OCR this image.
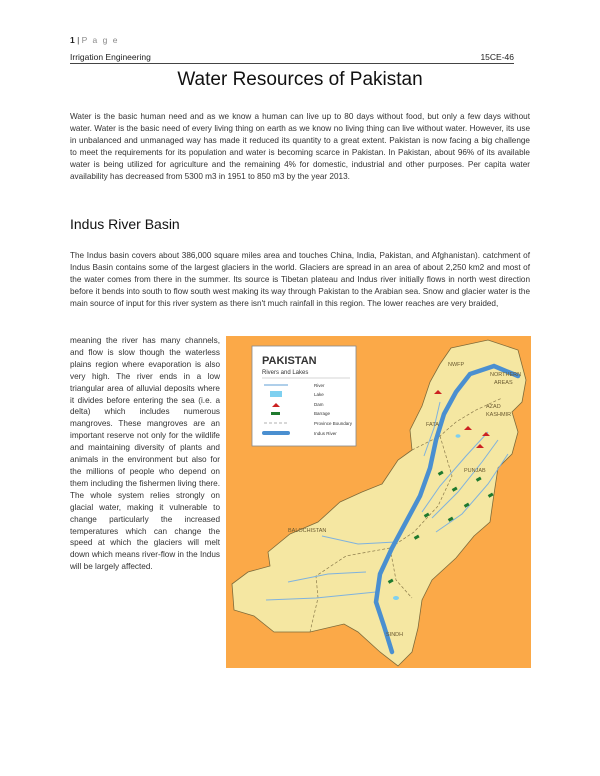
1 | P a g e
Irrigation Engineering	15CE-46
Water Resources of Pakistan

Water is the basic human need and as we know a human can live up to 80 days without food, but only a few days without water. Water is the basic need of every living thing on earth as we know no living thing can live without water. However, its use in unbalanced and unmanaged way has made it reduced its quantity to a great extent. Pakistan is now facing a big challenge to meet the requirements for its population and water is becoming scarce in Pakistan. In Pakistan, about 96% of its available water is being utilized for agriculture and the remaining 4% for domestic, industrial and other purposes. Per capita water availability has decreased from 5300 m3 in 1951 to 850 m3 by the year 2013.

Indus River Basin

The Indus basin covers about 386,000 square miles area and touches China, India, Pakistan, and Afghanistan). catchment of Indus Basin contains some of the largest glaciers in the world. Glaciers are spread in an area of about 2,250 km2 and most of the water comes from there in the summer. Its source is Tibetan plateau and Indus river initially flows in north west direction before it bends into south to flow south west making its way through Pakistan to the Arabian sea. Snow and glacier water is the main source of input for this river system as there isn't much rainfall in this region. The lower reaches are very braided,

meaning the river has many channels, and flow is slow though the waterless plains region where evaporation is also very high. The river ends in a low triangular area of alluvial deposits where it divides before entering the sea (i.e. a delta) which includes numerous mangroves. These mangroves are an important reserve not only for the wildlife and maintaining diversity of plants and animals in the environment but also for the millions of people who depend on them including the fishermen living there. The whole system relies strongly on glacial water, making it vulnerable to change particularly the increased temperatures which can change the speed at which the glaciers will melt down which means river-flow in the Indus will be largely affected.

NWFP
NORTHERN
AREAS
AZAD
KASHMIR
FATA
PUNJAB
BALOCHISTAN
SINDH
PAKISTAN
Rivers and Lakes
River
Lake
Dam
Barrage
Province Boundary
Indus River
